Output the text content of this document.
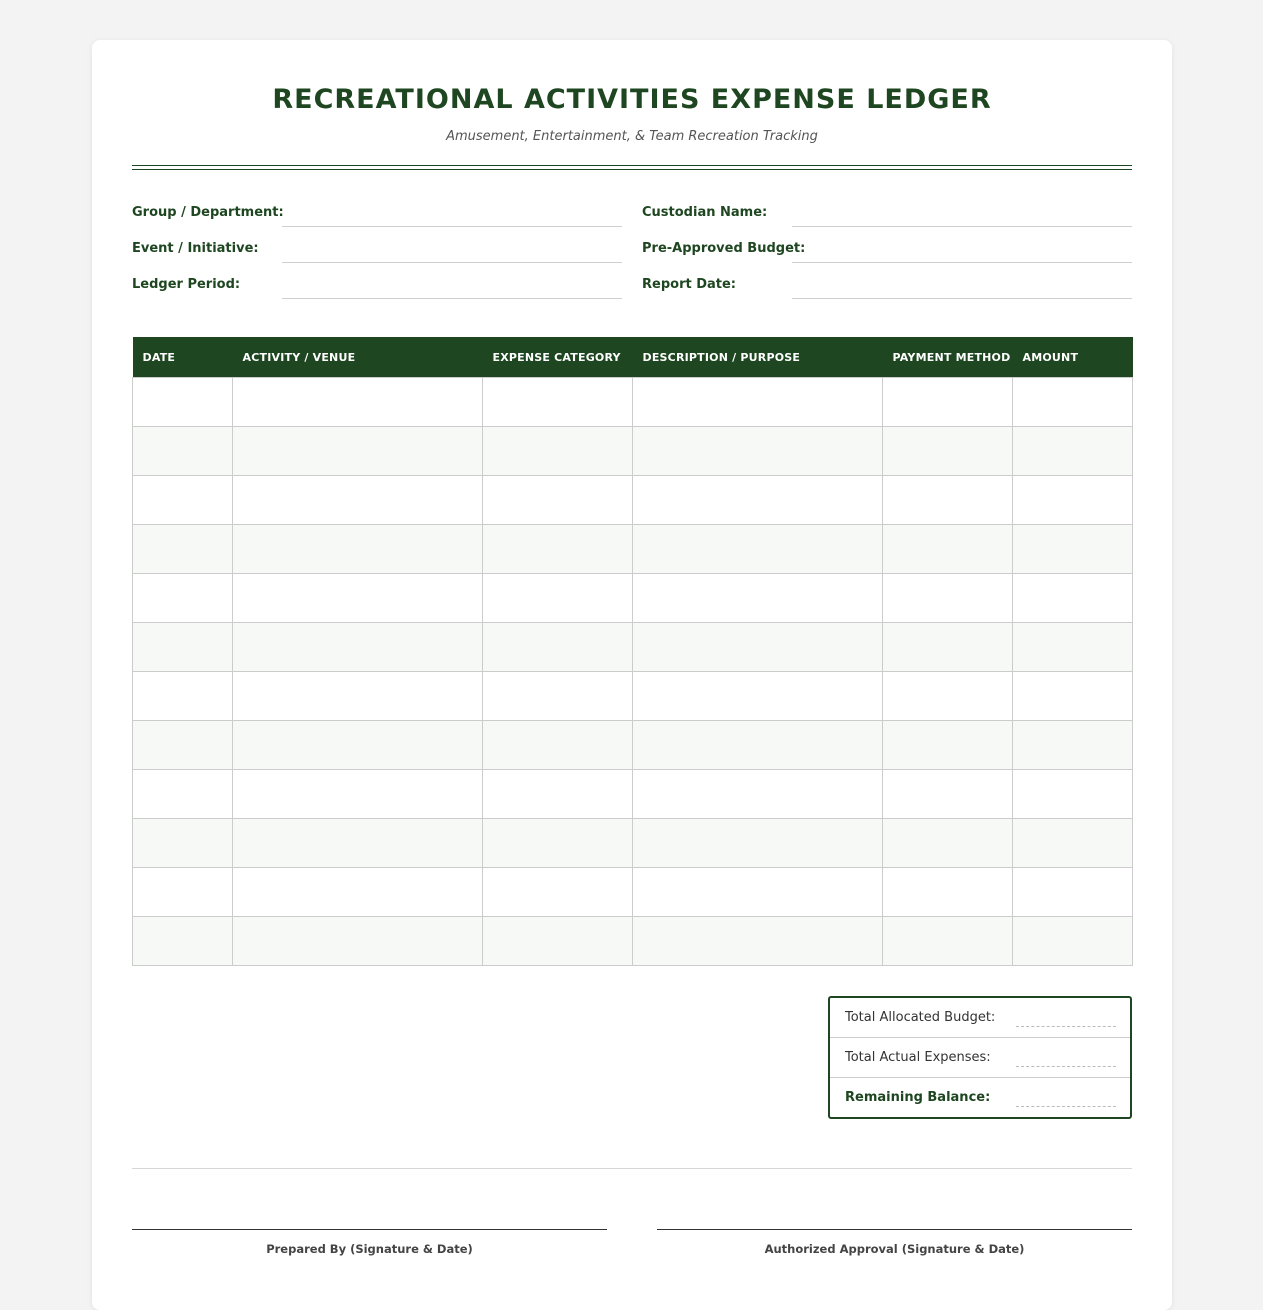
RECREATIONAL ACTIVITIES EXPENSE LEDGER
Amusement, Entertainment, & Team Recreation Tracking
Group / Department:	Custodian Name:
Event / Initiative:	Pre-Approved Budget:
Ledger Period:	Report Date:
DATE	ACTIVITY / VENUE	EXPENSE CATEGORY	DESCRIPTION / PURPOSE	PAYMENT METHOD	AMOUNT

Total Allocated Budget:
Total Actual Expenses:
Remaining Balance:
Prepared By (Signature & Date)	Authorized Approval (Signature & Date)
